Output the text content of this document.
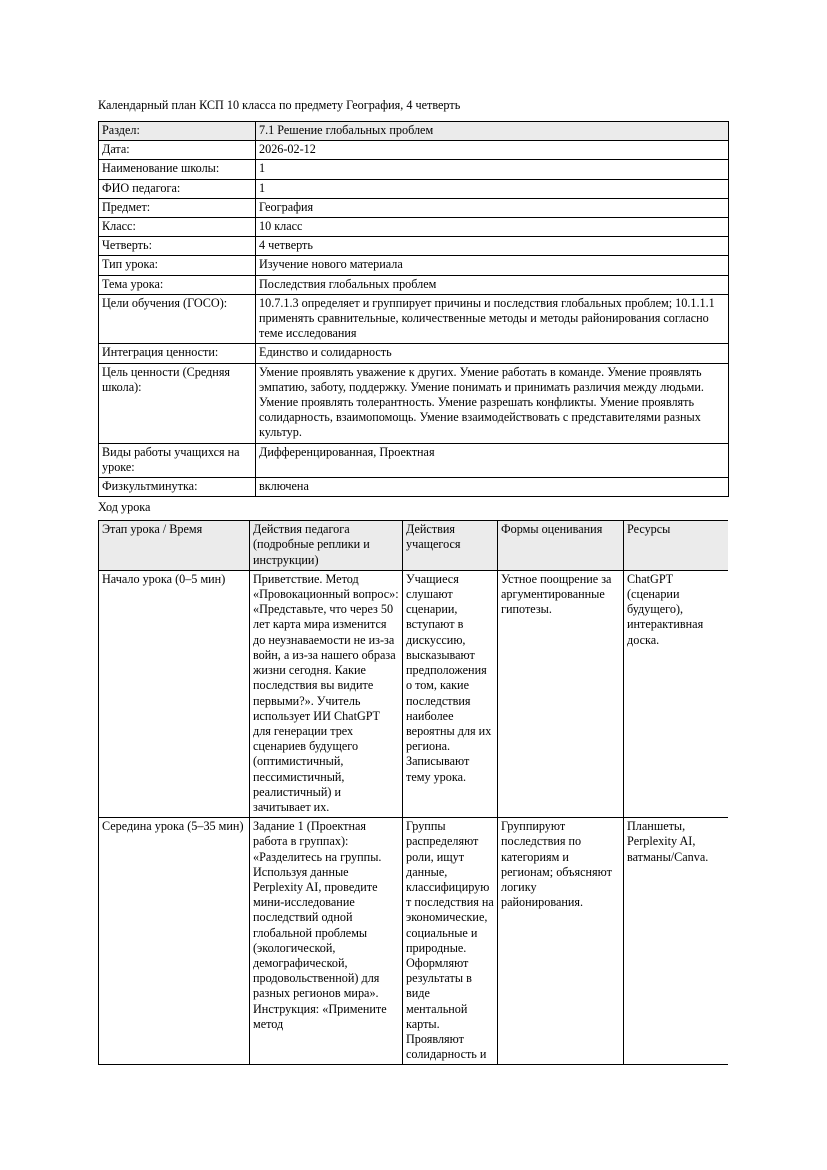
Календарный план КСП 10 класса по предмету География, 4 четверть
Раздел:	7.1 Решение глобальных проблем
Дата:	2026-02-12
Наименование школы:	1
ФИО педагога:	1
Предмет:	География
Класс:	10 класс
Четверть:	4 четверть
Тип урока:	Изучение нового материала
Тема урока:	Последствия глобальных проблем
Цели обучения (ГОСО):	10.7.1.3 определяет и группирует причины и последствия глобальных проблем; 10.1.1.1 применять сравнительные, количественные методы и методы районирования согласно теме исследования
Интеграция ценности:	Единство и солидарность
Цель ценности (Средняя школа):	Умение проявлять уважение к других. Умение работать в команде. Умение проявлять эмпатию, заботу, поддержку. Умение понимать и принимать различия между людьми. Умение проявлять толерантность. Умение разрешать конфликты. Умение проявлять солидарность, взаимопомощь. Умение взаимодействовать с представителями разных культур.
Виды работы учащихся на уроке:	Дифференцированная, Проектная
Физкультминутка:	включена
Ход урока
Этап урока / Время	Действия педагога (подробные реплики и инструкции)	Действия учащегося	Формы оценивания	Ресурсы
Начало урока (0–5 мин)	Приветствие. Метод «Провокационный вопрос»: «Представьте, что через 50 лет карта мира изменится до неузнаваемости не из-за войн, а из-за нашего образа жизни сегодня. Какие последствия вы видите первыми?». Учитель использует ИИ ChatGPT для генерации трех сценариев будущего (оптимистичный, пессимистичный, реалистичный) и зачитывает их.	Учащиеся слушают сценарии, вступают в дискуссию, высказывают предположения о том, какие последствия наиболее вероятны для их региона. Записывают тему урока.	Устное поощрение за аргументированные гипотезы.	ChatGPT (сценарии будущего), интерактивная доска.
Середина урока (5–35 мин)	Задание 1 (Проектная работа в группах): «Разделитесь на группы. Используя данные Perplexity AI, проведите мини-исследование последствий одной глобальной проблемы (экологической, демографической, продовольственной) для разных регионов мира». Инструкция: «Примените метод	Группы распределяют роли, ищут данные, классифицируют последствия на экономические, социальные и природные. Оформляют результаты в виде ментальной карты. Проявляют солидарность и	Группируют последствия по категориям и регионам; объясняют логику районирования.	Планшеты, Perplexity AI, ватманы/Canva.
